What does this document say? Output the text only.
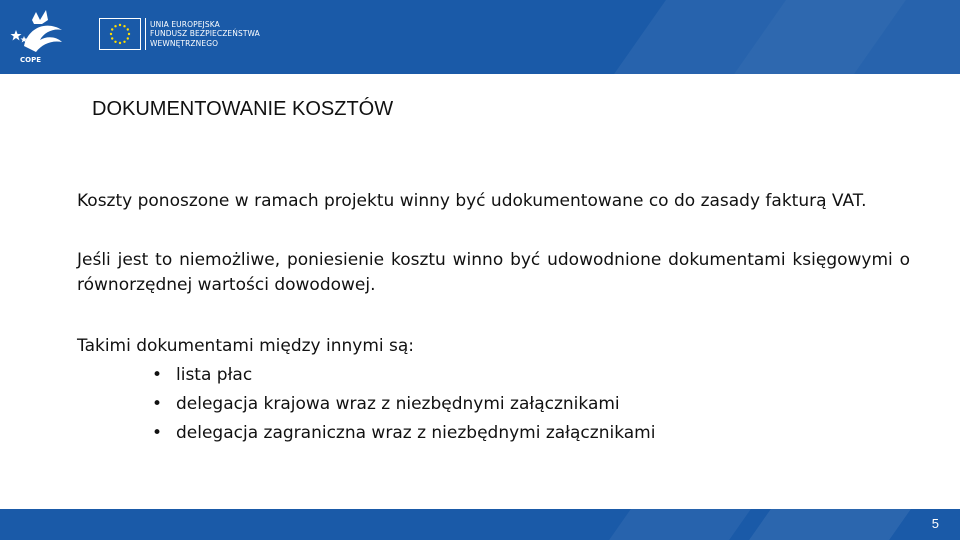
COPE
UNIA EUROPEJSKA
FUNDUSZ BEZPIECZEŃSTWA
WEWNĘTRZNEGO
DOKUMENTOWANIE KOSZTÓW

Koszty ponoszone w ramach projektu winny być udokumentowane co do zasady fakturą VAT.

Jeśli jest to niemożliwe, poniesienie kosztu winno być udowodnione dokumentami księgowymi o równorzędnej wartości dowodowej.

Takimi dokumentami między innymi są:

• lista płac
• delegacja krajowa wraz z niezbędnymi załącznikami
• delegacja zagraniczna wraz z niezbędnymi załącznikami
5
